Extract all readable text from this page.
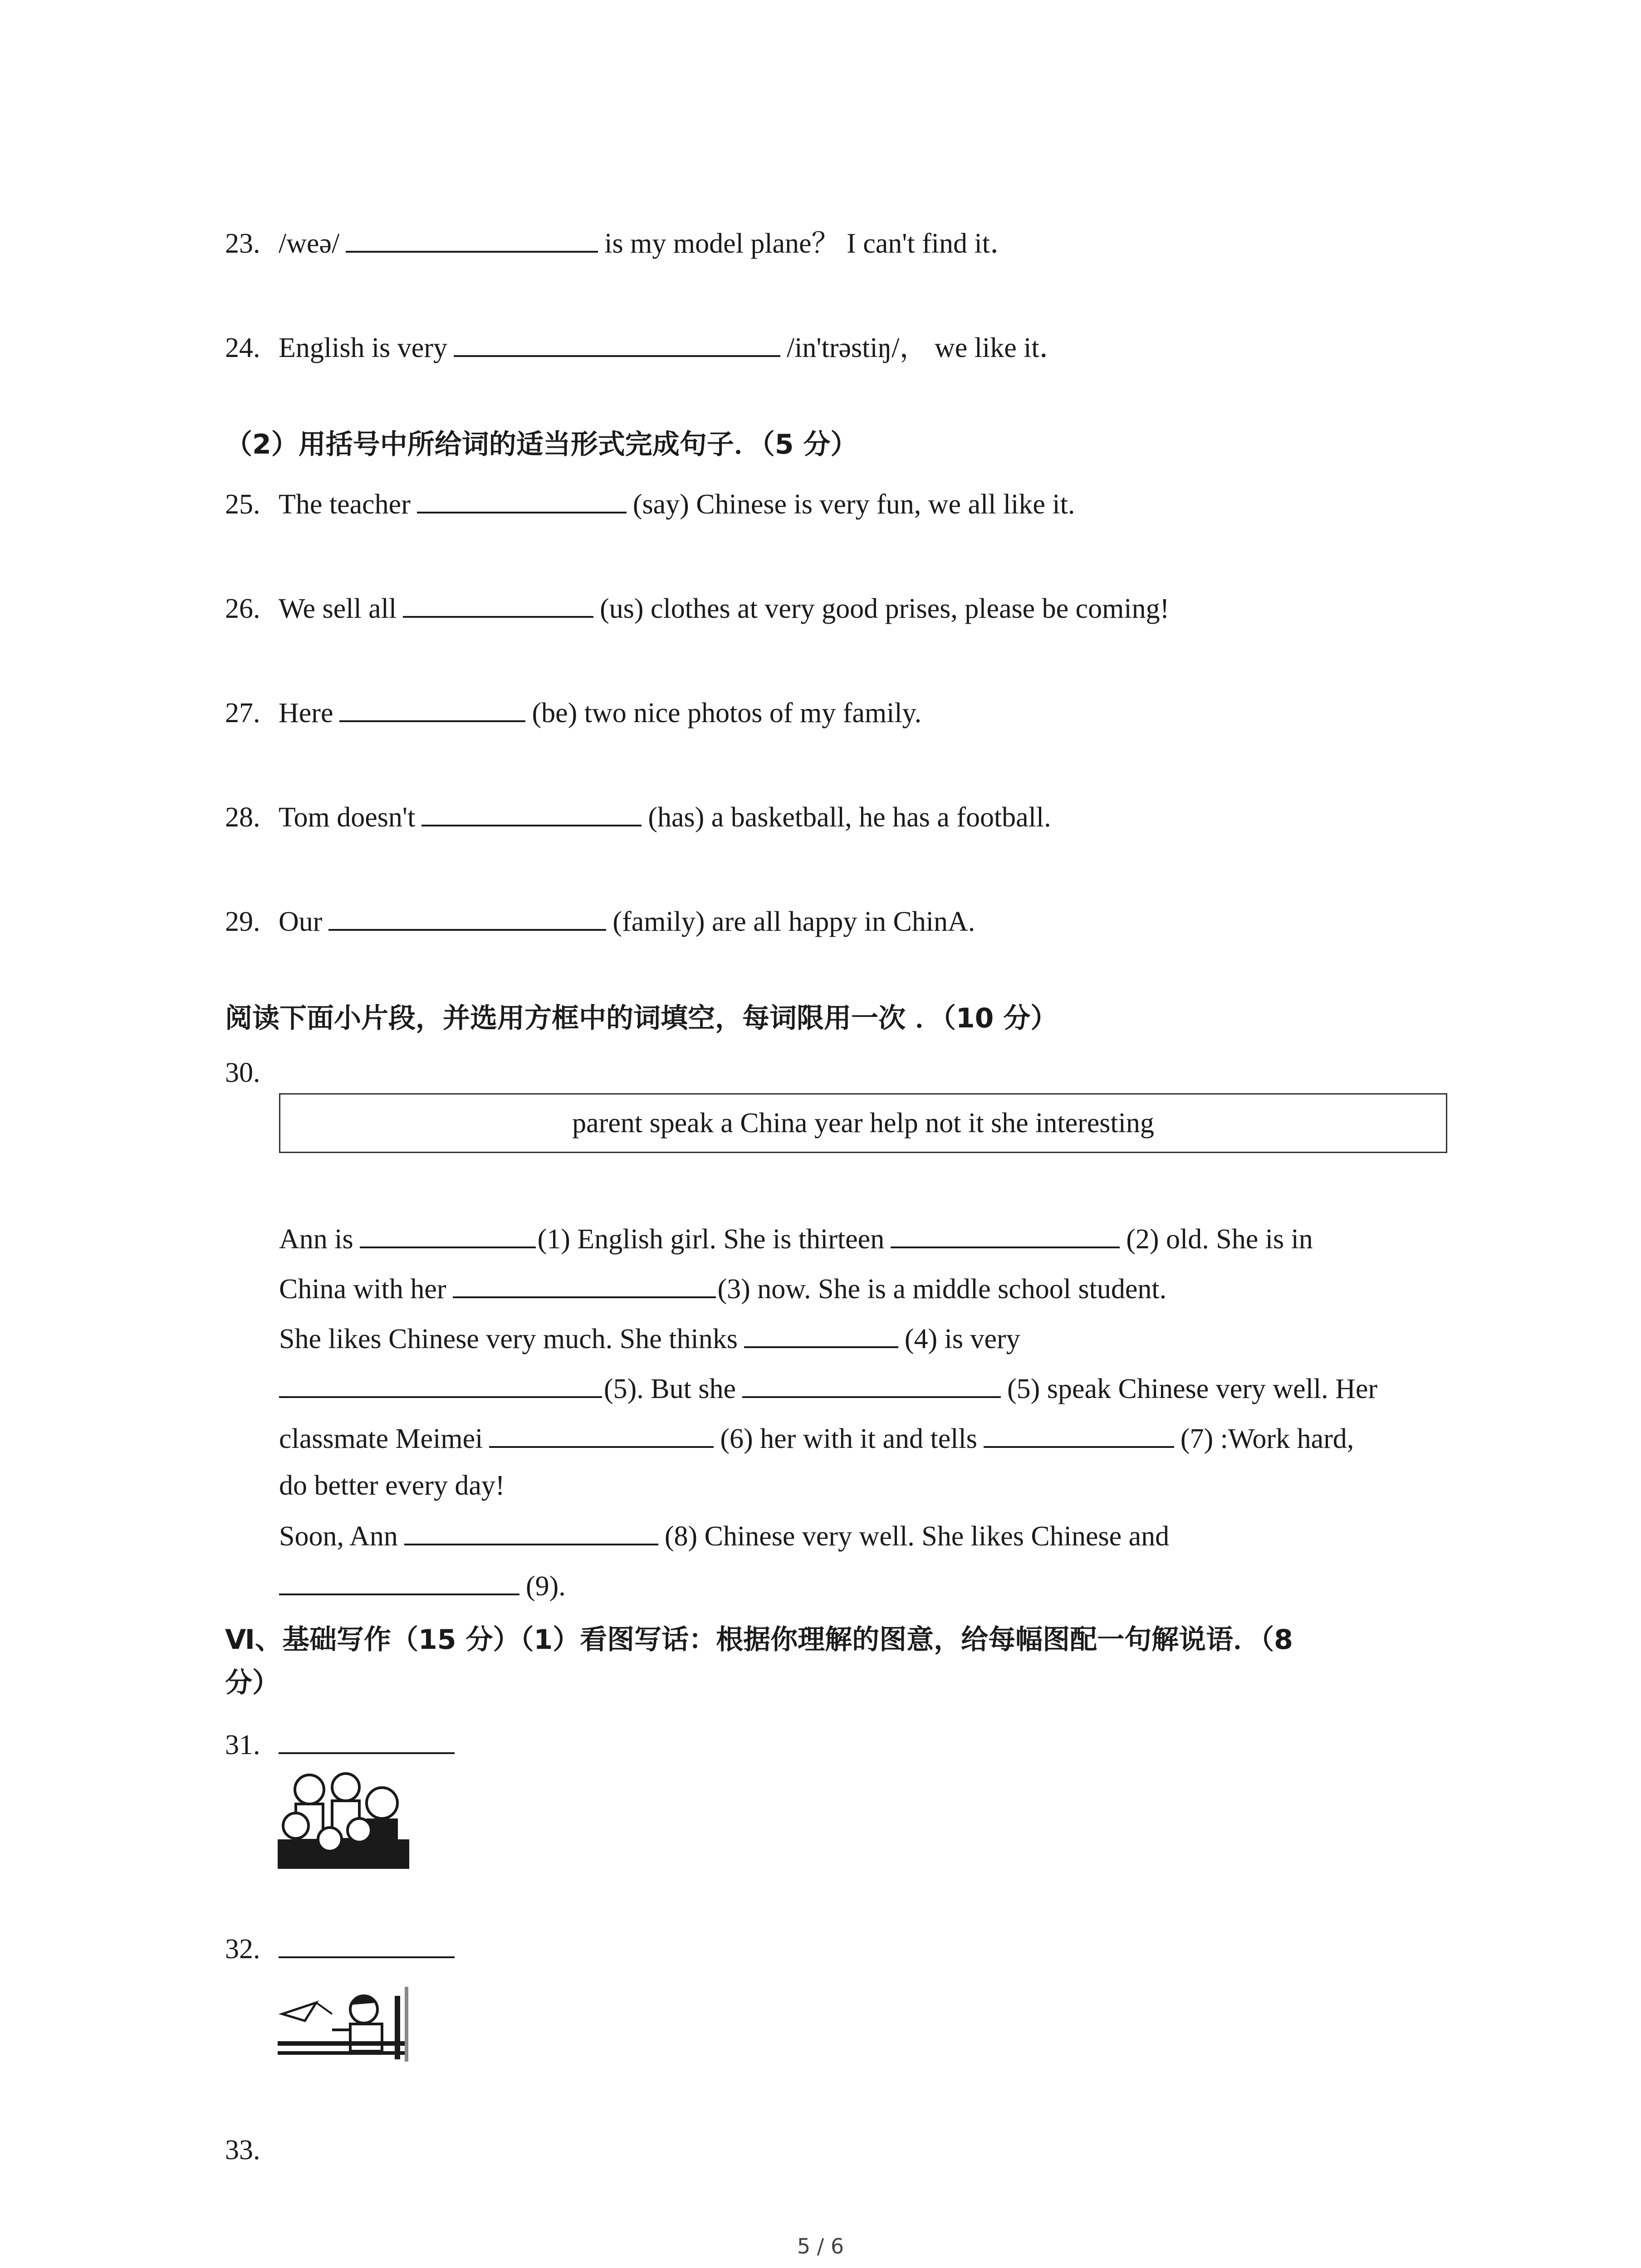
23. /weə/	is my model plane？ I can't find it．
24. English is very	/in'trəstiŋ/， we like it．
（2）用括号中所给词的适当形式完成句子．（5 分）
25. The teacher	(say) Chinese is very fun, we all like it.
26. We sell all	(us) clothes at very good prises, please be coming!
27. Here	(be) two nice photos of my family.
28. Tom doesn't	(has) a basketball, he has a football.
29. Our	(family) are all happy in ChinA.
阅读下面小片段，并选用方框中的词填空，每词限用一次 ．（10 分）
30.
parent speak a China year help not it she interesting
Ann is	(1) English girl. She is thirteen	(2) old. She is in
China with her	(3) now. She is a middle school student.
She likes Chinese very much. She thinks	(4) is very
(5). But she	(5) speak Chinese very well. Her
classmate Meimei	(6) her with it and tells	(7) :Work hard,
do better every day!
Soon, Ann	(8) Chinese very well. She likes Chinese and
(9).
Ⅵ、基础写作（15 分）（1）看图写话：根据你理解的图意，给每幅图配一句解说语．（8
分）
31.
32.
33.
5 / 6
